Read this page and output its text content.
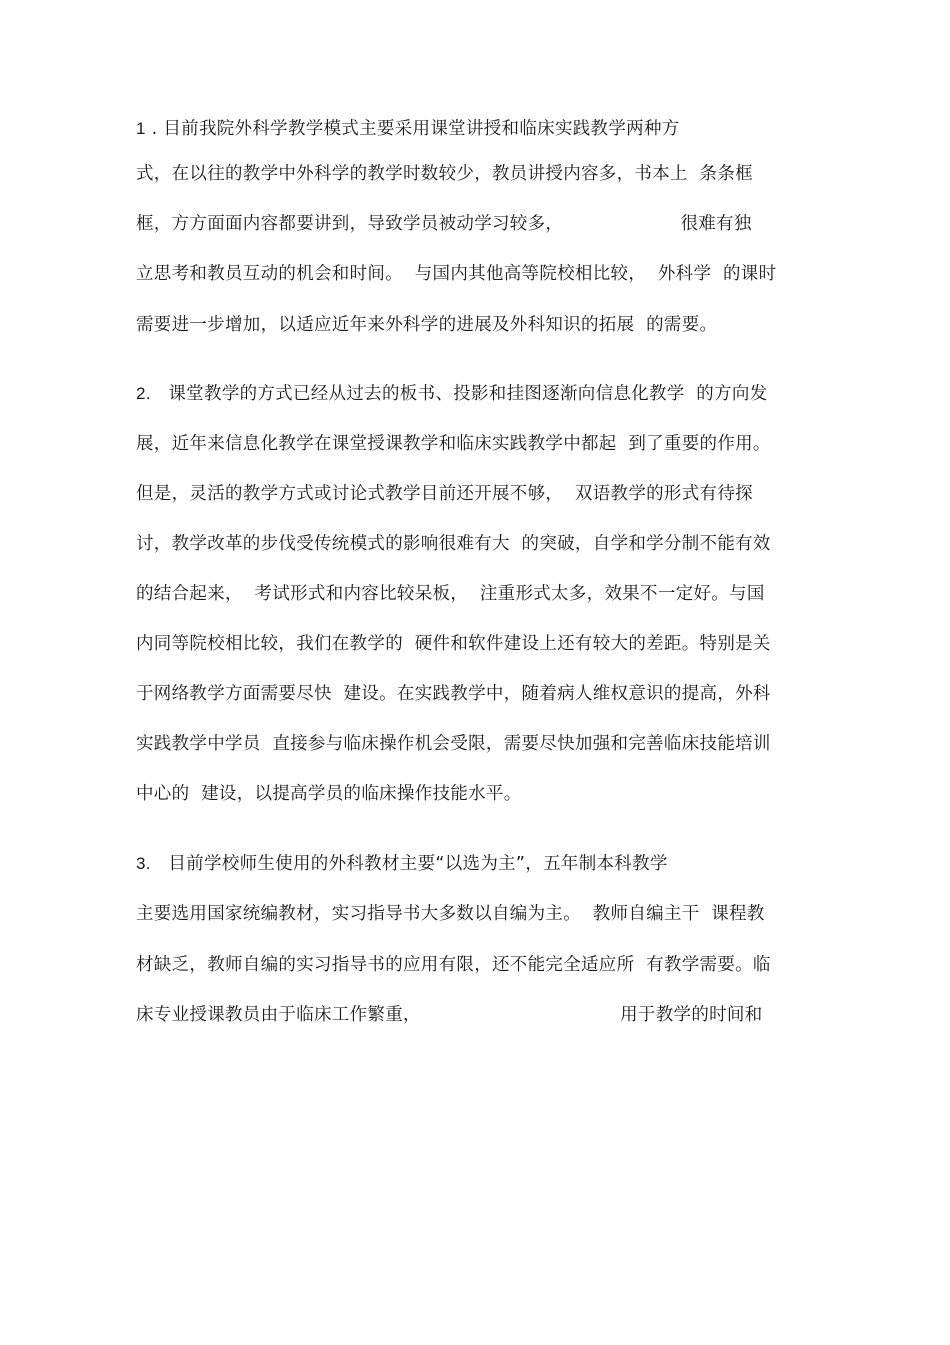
1 . 目前我院外科学教学模式主要采用课堂讲授和临床实践教学两种方
式，在以往的教学中外科学的教学时数较少，教员讲授内容多，书本上  条条框
框，方方面面内容都要讲到，导致学员被动学习较多，                    很难有独
立思考和教员互动的机会和时间。  与国内其他高等院校相比较，  外科学  的课时
需要进一步增加，以适应近年来外科学的进展及外科知识的拓展  的需要。
2.   课堂教学的方式已经从过去的板书、投影和挂图逐渐向信息化教学  的方向发
展，近年来信息化教学在课堂授课教学和临床实践教学中都起  到了重要的作用。
但是，灵活的教学方式或讨论式教学目前还开展不够，  双语教学的形式有待探
讨，教学改革的步伐受传统模式的影响很难有大  的突破，自学和学分制不能有效
的结合起来，  考试形式和内容比较呆板，  注重形式太多，效果不一定好。与国
内同等院校相比较，我们在教学的  硬件和软件建设上还有较大的差距。特别是关
于网络教学方面需要尽快  建设。在实践教学中，随着病人维权意识的提高，外科
实践教学中学员  直接参与临床操作机会受限，需要尽快加强和完善临床技能培训
中心的  建设，以提高学员的临床操作技能水平。
3.   目前学校师生使用的外科教材主要“以选为主”，五年制本科教学
主要选用国家统编教材，实习指导书大多数以自编为主。  教师自编主干  课程教
材缺乏，教师自编的实习指导书的应用有限，还不能完全适应所  有教学需要。临
床专业授课教员由于临床工作繁重，                                  用于教学的时间和
